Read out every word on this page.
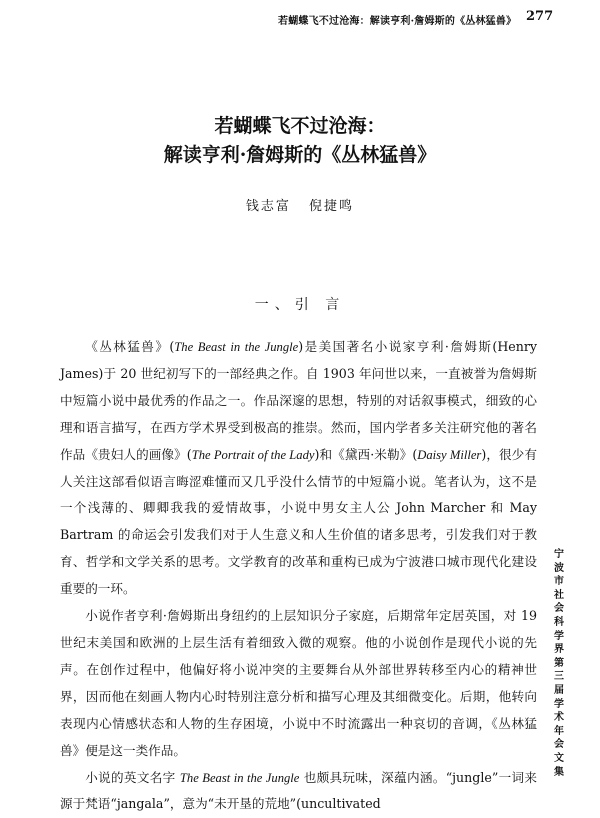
若蝴蝶飞不过沧海：解读亨利·詹姆斯的《丛林猛兽》 277
若蝴蝶飞不过沧海：
解读亨利·詹姆斯的《丛林猛兽》
钱志富 倪捷鸣
一、引 言

《丛林猛兽》(The Beast in the Jungle)是美国著名小说家亨利·詹姆斯(Henry James)于 20 世纪初写下的一部经典之作。自 1903 年问世以来，一直被誉为詹姆斯中短篇小说中最优秀的作品之一。作品深邃的思想，特别的对话叙事模式，细致的心理和语言描写，在西方学术界受到极高的推崇。然而，国内学者多关注研究他的著名作品《贵妇人的画像》(The Portrait of the Lady)和《黛西·米勒》(Daisy Miller)，很少有人关注这部看似语言晦涩难懂而又几乎没什么情节的中短篇小说。笔者认为，这不是一个浅薄的、卿卿我我的爱情故事，小说中男女主人公 John Marcher 和 May Bartram 的命运会引发我们对于人生意义和人生价值的诸多思考，引发我们对于教育、哲学和文学关系的思考。文学教育的改革和重构已成为宁波港口城市现代化建设重要的一环。

小说作者亨利·詹姆斯出身纽约的上层知识分子家庭，后期常年定居英国，对 19 世纪末美国和欧洲的上层生活有着细致入微的观察。他的小说创作是现代小说的先声。在创作过程中，他偏好将小说冲突的主要舞台从外部世界转移至内心的精神世界，因而他在刻画人物内心时特别注意分析和描写心理及其细微变化。后期，他转向表现内心情感状态和人物的生存困境，小说中不时流露出一种哀切的音调，《丛林猛兽》便是这一类作品。

小说的英文名字 The Beast in the Jungle 也颇具玩味，深蕴内涵。“jungle”一词来源于梵语“jangala”，意为“未开垦的荒地”(uncultivated

宁波市社会科学界第三届学术年会文集
